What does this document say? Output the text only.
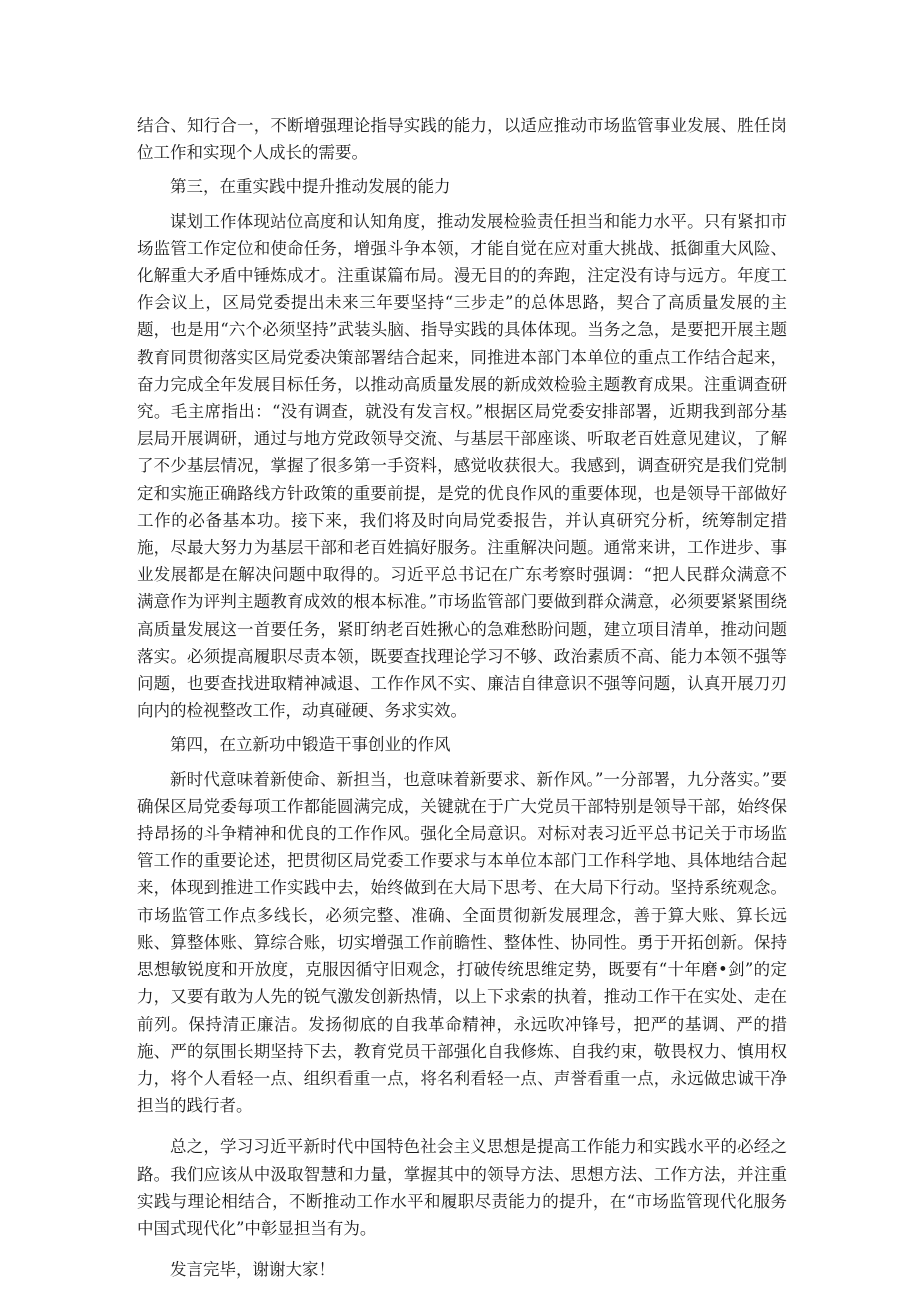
结合、知行合一，不断增强理论指导实践的能力，以适应推动市场监管事业发展、胜任岗位工作和实现个人成长的需要。

第三，在重实践中提升推动发展的能力

谋划工作体现站位高度和认知角度，推动发展检验责任担当和能力水平。只有紧扣市场监管工作定位和使命任务，增强斗争本领，才能自觉在应对重大挑战、抵御重大风险、化解重大矛盾中锤炼成才。注重谋篇布局。漫无目的的奔跑，注定没有诗与远方。年度工作会议上，区局党委提出未来三年要坚持“三步走”的总体思路，契合了高质量发展的主题，也是用“六个必须坚持”武装头脑、指导实践的具体体现。当务之急，是要把开展主题教育同贯彻落实区局党委决策部署结合起来，同推进本部门本单位的重点工作结合起来，奋力完成全年发展目标任务，以推动高质量发展的新成效检验主题教育成果。注重调查研究。毛主席指出：“没有调查，就没有发言权。”根据区局党委安排部署，近期我到部分基层局开展调研，通过与地方党政领导交流、与基层干部座谈、听取老百姓意见建议，了解了不少基层情况，掌握了很多第一手资料，感觉收获很大。我感到，调查研究是我们党制定和实施正确路线方针政策的重要前提，是党的优良作风的重要体现，也是领导干部做好工作的必备基本功。接下来，我们将及时向局党委报告，并认真研究分析，统筹制定措施，尽最大努力为基层干部和老百姓搞好服务。注重解决问题。通常来讲，工作进步、事业发展都是在解决问题中取得的。习近平总书记在广东考察时强调：“把人民群众满意不满意作为评判主题教育成效的根本标准。”市场监管部门要做到群众满意，必须要紧紧围绕高质量发展这一首要任务，紧盯纳老百姓揪心的急难愁盼问题，建立项目清单，推动问题落实。必须提高履职尽责本领，既要查找理论学习不够、政治素质不高、能力本领不强等问题，也要查找进取精神减退、工作作风不实、廉洁自律意识不强等问题，认真开展刀刃向内的检视整改工作，动真碰硬、务求实效。

第四，在立新功中锻造干事创业的作风

新时代意味着新使命、新担当，也意味着新要求、新作风。”一分部署，九分落实。”要确保区局党委每项工作都能圆满完成，关键就在于广大党员干部特别是领导干部，始终保持昂扬的斗争精神和优良的工作作风。强化全局意识。对标对表习近平总书记关于市场监管工作的重要论述，把贯彻区局党委工作要求与本单位本部门工作科学地、具体地结合起来，体现到推进工作实践中去，始终做到在大局下思考、在大局下行动。坚持系统观念。市场监管工作点多线长，必须完整、准确、全面贯彻新发展理念，善于算大账、算长远账、算整体账、算综合账，切实增强工作前瞻性、整体性、协同性。勇于开拓创新。保持思想敏锐度和开放度，克服因循守旧观念，打破传统思维定势，既要有“十年磨•剑”的定力，又要有敢为人先的锐气激发创新热情，以上下求索的执着，推动工作干在实处、走在前列。保持清正廉洁。发扬彻底的自我革命精神，永远吹冲锋号，把严的基调、严的措施、严的氛围长期坚持下去，教育党员干部强化自我修炼、自我约束，敬畏权力、慎用权力，将个人看轻一点、组织看重一点，将名利看轻一点、声誉看重一点，永远做忠诚干净担当的践行者。

总之，学习习近平新时代中国特色社会主义思想是提高工作能力和实践水平的必经之路。我们应该从中汲取智慧和力量，掌握其中的领导方法、思想方法、工作方法，并注重实践与理论相结合，不断推动工作水平和履职尽责能力的提升，在“市场监管现代化服务中国式现代化”中彰显担当有为。

发言完毕，谢谢大家！
